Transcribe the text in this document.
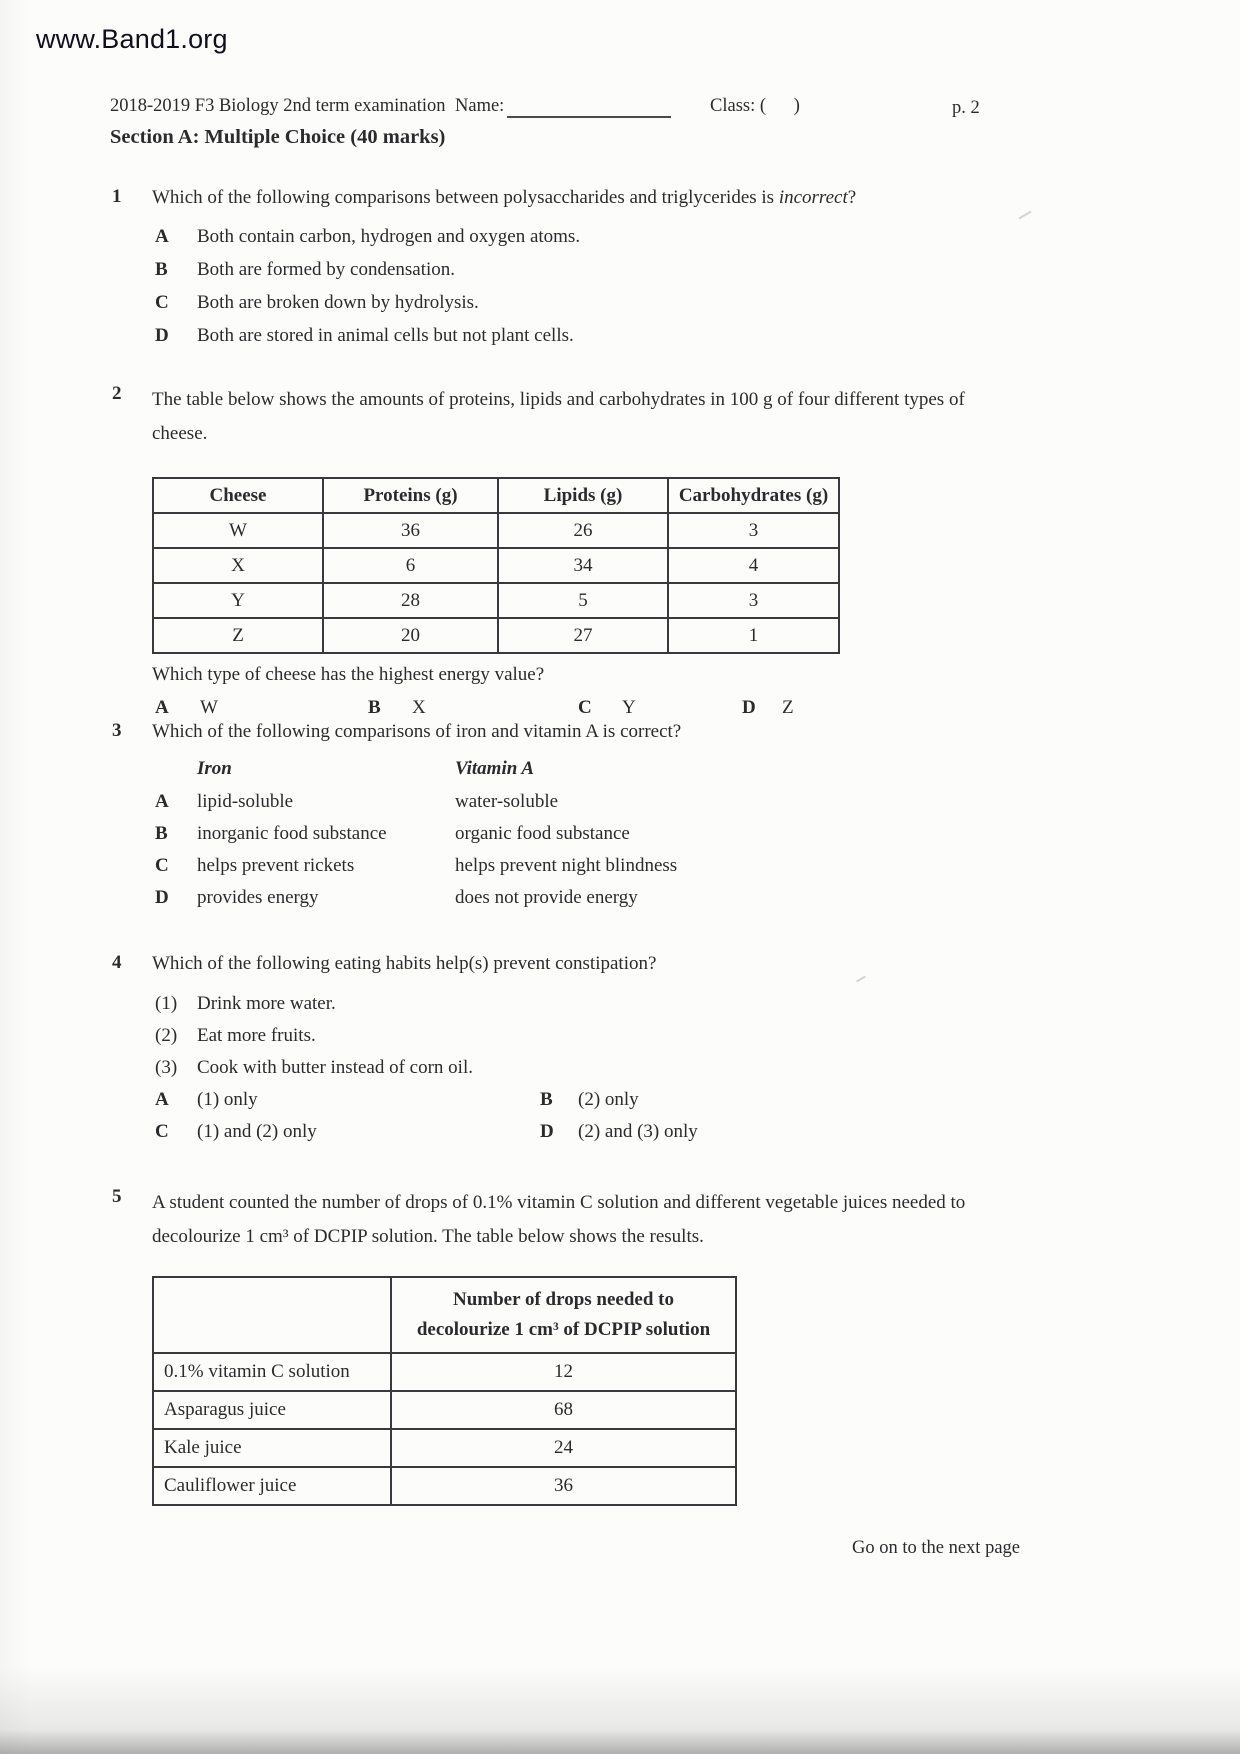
www.Band1.org
2018-2019 F3 Biology 2nd term examination Name:	Class: (      )	p. 2
Section A: Multiple Choice (40 marks)
1 Which of the following comparisons between polysaccharides and triglycerides is incorrect?
A Both contain carbon, hydrogen and oxygen atoms.
B Both are formed by condensation.
C Both are broken down by hydrolysis.
D Both are stored in animal cells but not plant cells.
2 The table below shows the amounts of proteins, lipids and carbohydrates in 100 g of four different types of
cheese.
Cheese	Proteins (g)	Lipids (g)	Carbohydrates (g)
W	36	26	3
X	6	34	4
Y	28	5	3
Z	20	27	1
Which type of cheese has the highest energy value?
A W	B X	C Y	D Z
3 Which of the following comparisons of iron and vitamin A is correct?
Iron	Vitamin A
A lipid-soluble	water-soluble
B inorganic food substance	organic food substance
C helps prevent rickets	helps prevent night blindness
D provides energy	does not provide energy
4 Which of the following eating habits help(s) prevent constipation?
(1) Drink more water.
(2) Eat more fruits.
(3) Cook with butter instead of corn oil.
A (1) only	B (2) only
C (1) and (2) only	D (2) and (3) only
5 A student counted the number of drops of 0.1% vitamin C solution and different vegetable juices needed to
decolourize 1 cm³ of DCPIP solution. The table below shows the results.

	Number of drops needed to
decolourize 1 cm³ of DCPIP solution

0.1% vitamin C solution	12
Asparagus juice	68
Kale juice	24
Cauliflower juice	36
Go on to the next page
